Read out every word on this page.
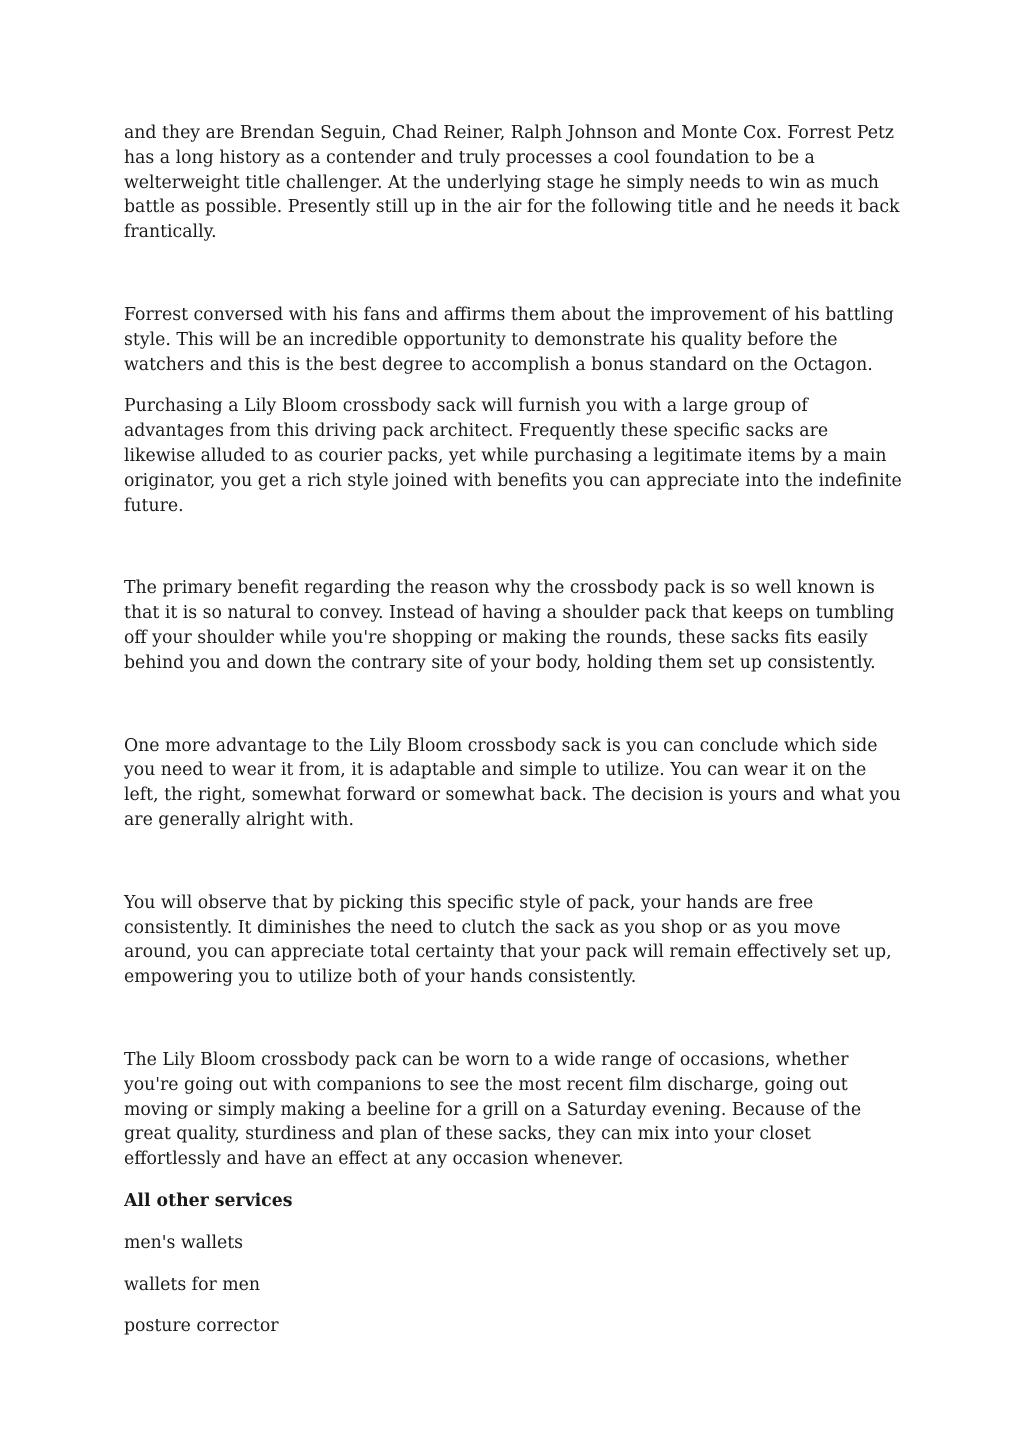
and they are Brendan Seguin, Chad Reiner, Ralph Johnson and Monte Cox. Forrest Petz has a long history as a contender and truly processes a cool foundation to be a welterweight title challenger. At the underlying stage he simply needs to win as much battle as possible. Presently still up in the air for the following title and he needs it back frantically.

Forrest conversed with his fans and affirms them about the improvement of his battling style. This will be an incredible opportunity to demonstrate his quality before the watchers and this is the best degree to accomplish a bonus standard on the Octagon.

Purchasing a Lily Bloom crossbody sack will furnish you with a large group of advantages from this driving pack architect. Frequently these specific sacks are likewise alluded to as courier packs, yet while purchasing a legitimate items by a main originator, you get a rich style joined with benefits you can appreciate into the indefinite future.

The primary benefit regarding the reason why the crossbody pack is so well known is that it is so natural to convey. Instead of having a shoulder pack that keeps on tumbling off your shoulder while you're shopping or making the rounds, these sacks fits easily behind you and down the contrary site of your body, holding them set up consistently.

One more advantage to the Lily Bloom crossbody sack is you can conclude which side you need to wear it from, it is adaptable and simple to utilize. You can wear it on the left, the right, somewhat forward or somewhat back. The decision is yours and what you are generally alright with.

You will observe that by picking this specific style of pack, your hands are free consistently. It diminishes the need to clutch the sack as you shop or as you move around, you can appreciate total certainty that your pack will remain effectively set up, empowering you to utilize both of your hands consistently.

The Lily Bloom crossbody pack can be worn to a wide range of occasions, whether you're going out with companions to see the most recent film discharge, going out moving or simply making a beeline for a grill on a Saturday evening. Because of the great quality, sturdiness and plan of these sacks, they can mix into your closet effortlessly and have an effect at any occasion whenever.

All other services

men's wallets

wallets for men

posture corrector
